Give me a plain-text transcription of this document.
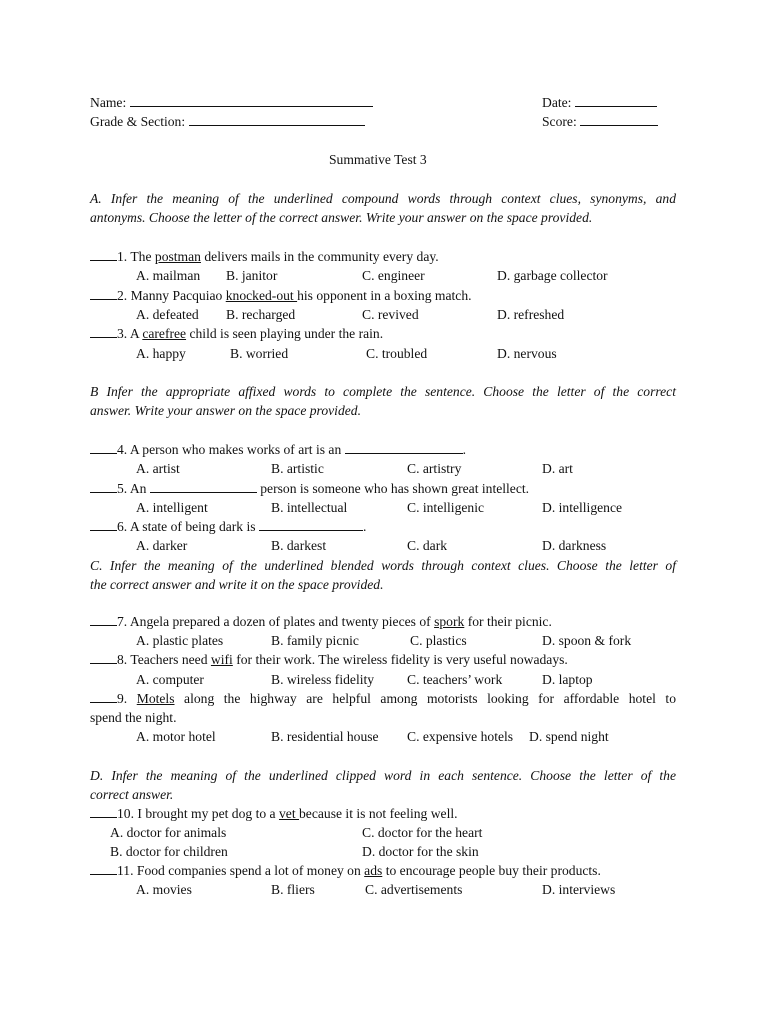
Name:	Date:
Grade & Section:	Score:
Summative Test 3
A. Infer the meaning of the underlined compound words through context clues, synonyms, and
antonyms. Choose the letter of the correct answer. Write your answer on the space provided.
1. The postman delivers mails in the community every day.
A. mailman B. janitor	C. engineer	D. garbage collector
2. Manny Pacquiao knocked-out his opponent in a boxing match.
A. defeated B. recharged	C. revived	D. refreshed
3. A carefree child is seen playing under the rain.
A. happy	B. worried	C. troubled	D. nervous
B Infer the appropriate affixed words to complete the sentence. Choose the letter of the correct
answer. Write your answer on the space provided.
4. A person who makes works of art is an	.
A. artist	B. artistic	C. artistry	D. art
5. An	person is someone who has shown great intellect.
A. intelligent	B. intellectual	C. intelligenic	D. intelligence
6. A state of being dark is	.
A. darker	B. darkest	C. dark	D. darkness
C. Infer the meaning of the underlined blended words through context clues. Choose the letter of
the correct answer and write it on the space provided.
7. Angela prepared a dozen of plates and twenty pieces of spork for their picnic.
A. plastic plates	B. family picnic	C. plastics	D. spoon & fork
8. Teachers need wifi for their work. The wireless fidelity is very useful nowadays.
A. computer	B. wireless fidelity C. teachers’ work	D. laptop
9. Motels along the highway are helpful among motorists looking for affordable hotel to
spend the night.
A. motor hotel	B. residential house C. expensive hotels D. spend night
D. Infer the meaning of the underlined clipped word in each sentence. Choose the letter of the
correct answer.
10. I brought my pet dog to a vet because it is not feeling well.
A. doctor for animals	C. doctor for the heart
B. doctor for children	D. doctor for the skin
11. Food companies spend a lot of money on ads to encourage people buy their products.
A. movies	B. fliers	C. advertisements	D. interviews
